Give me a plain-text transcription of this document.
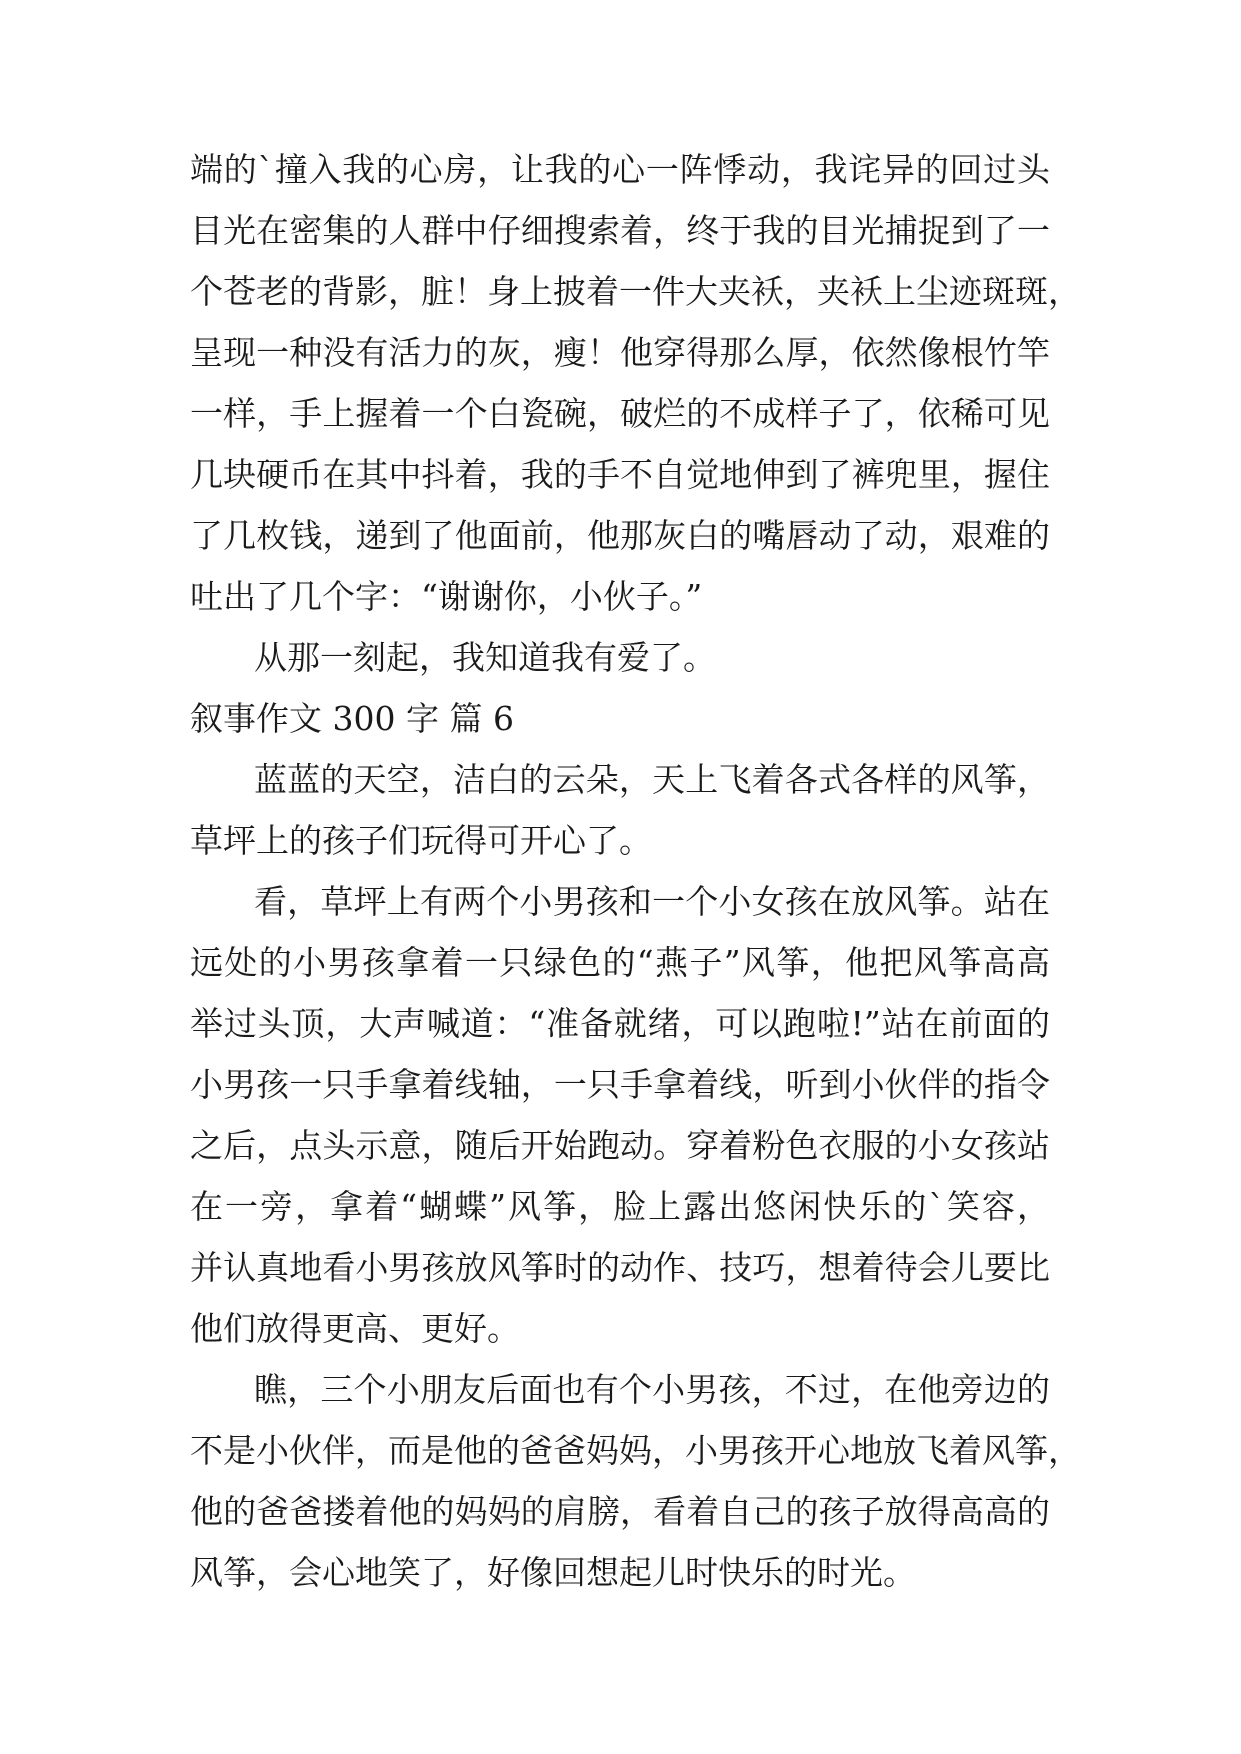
端的`撞入我的心房，让我的心一阵悸动，我诧异的回过头
目光在密集的人群中仔细搜索着，终于我的目光捕捉到了一
个苍老的背影，脏！身上披着一件大夹袄，夹袄上尘迹斑斑，
呈现一种没有活力的灰，瘦！他穿得那么厚，依然像根竹竿
一样，手上握着一个白瓷碗，破烂的不成样子了，依稀可见
几块硬币在其中抖着，我的手不自觉地伸到了裤兜里，握住
了几枚钱，递到了他面前，他那灰白的嘴唇动了动，艰难的
吐出了几个字：“谢谢你，小伙子。”
从那一刻起，我知道我有爱了。
叙事作文 300 字 篇 6
蓝蓝的天空，洁白的云朵，天上飞着各式各样的风筝，
草坪上的孩子们玩得可开心了。
看，草坪上有两个小男孩和一个小女孩在放风筝。站在
远处的小男孩拿着一只绿色的“燕子”风筝，他把风筝高高
举过头顶，大声喊道：“准备就绪，可以跑啦!”站在前面的
小男孩一只手拿着线轴，一只手拿着线，听到小伙伴的指令
之后，点头示意，随后开始跑动。穿着粉色衣服的小女孩站
在一旁，拿着“蝴蝶”风筝，脸上露出悠闲快乐的`笑容，
并认真地看小男孩放风筝时的动作、技巧，想着待会儿要比
他们放得更高、更好。
瞧，三个小朋友后面也有个小男孩，不过，在他旁边的
不是小伙伴，而是他的爸爸妈妈，小男孩开心地放飞着风筝，
他的爸爸搂着他的妈妈的肩膀，看着自己的孩子放得高高的
风筝，会心地笑了，好像回想起儿时快乐的时光。
